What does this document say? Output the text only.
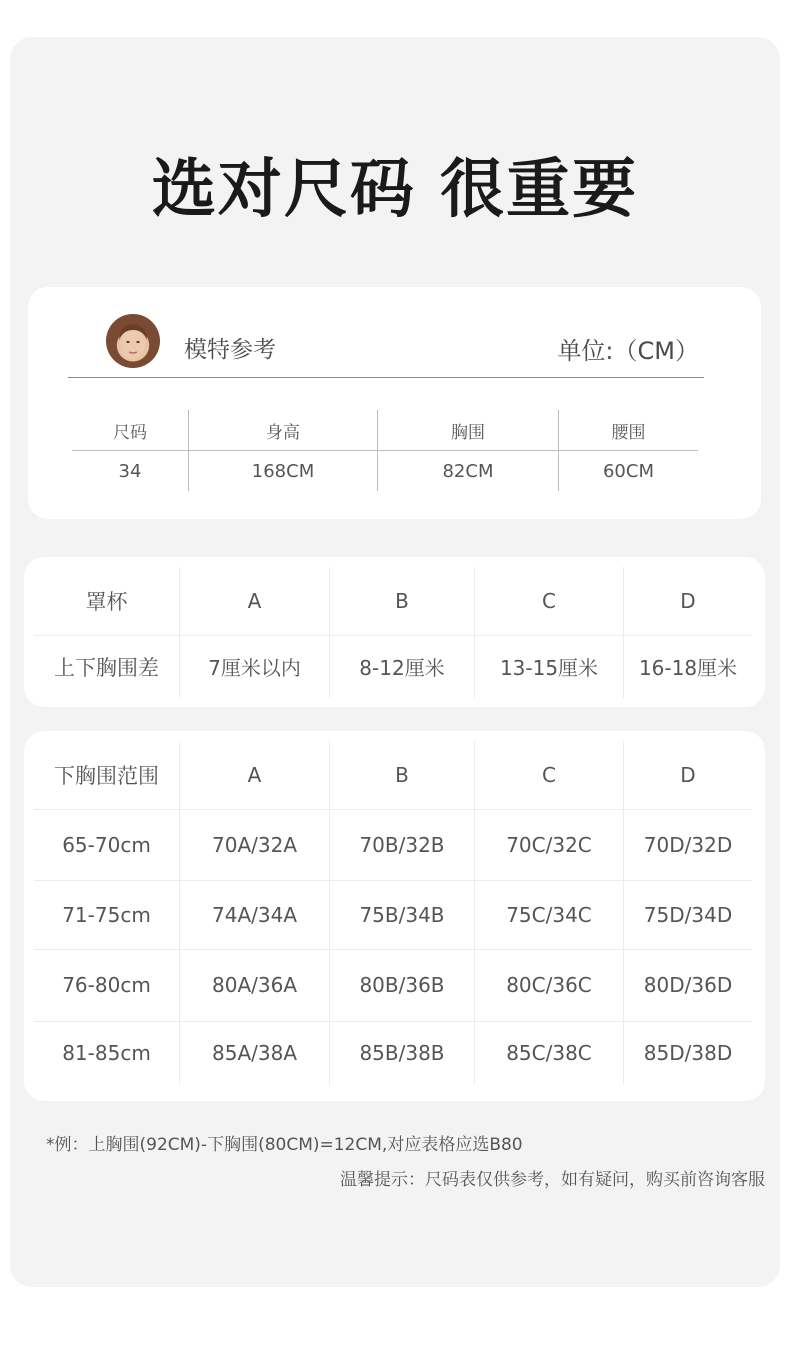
选对尺码 很重要
模特参考	单位:（CM）
尺码	身高	胸围	腰围
34	168CM	82CM	60CM
罩杯	A	B	C	D
上下胸围差	7厘米以内	8-12厘米	13-15厘米	16-18厘米
下胸围范围	A	B	C	D
65-70cm	70A/32A	70B/32B	70C/32C	70D/32D
71-75cm	74A/34A	75B/34B	75C/34C	75D/34D
76-80cm	80A/36A	80B/36B	80C/36C	80D/36D
81-85cm	85A/38A	85B/38B	85C/38C	85D/38D
*例：上胸围(92CM)-下胸围(80CM)=12CM,对应表格应选B80
温馨提示：尺码表仅供参考，如有疑问，购买前咨询客服
